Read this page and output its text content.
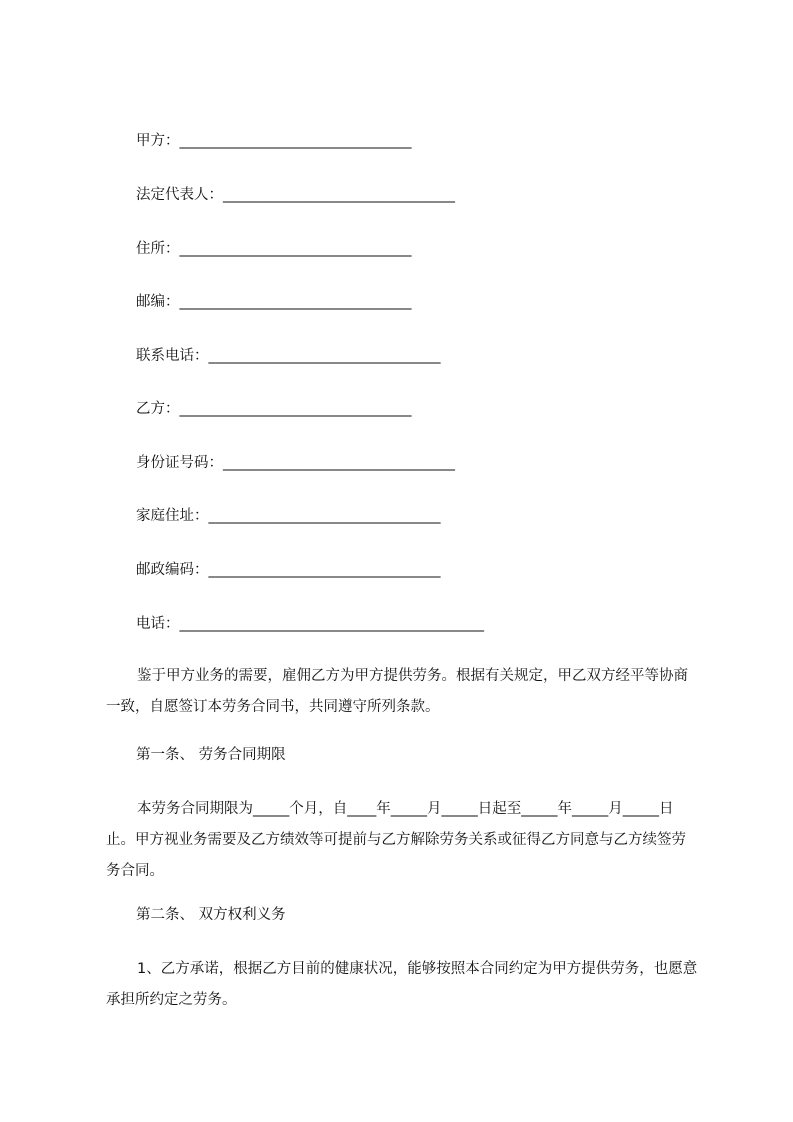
甲方：________________________________
法定代表人：________________________________
住所：________________________________
邮编：________________________________
联系电话：________________________________
乙方：________________________________
身份证号码：________________________________
家庭住址：________________________________
邮政编码：________________________________
电话：__________________________________________
鉴于甲方业务的需要，雇佣乙方为甲方提供劳务。根据有关规定，甲乙双方经平等协商一致，自愿签订本劳务合同书，共同遵守所列条款。
第一条、 劳务合同期限
本劳务合同期限为_____个月，自____年_____月_____日起至_____年_____月_____日止。甲方视业务需要及乙方绩效等可提前与乙方解除劳务关系或征得乙方同意与乙方续签劳务合同。
第二条、 双方权利义务
1、乙方承诺，根据乙方目前的健康状况，能够按照本合同约定为甲方提供劳务，也愿意承担所约定之劳务。
